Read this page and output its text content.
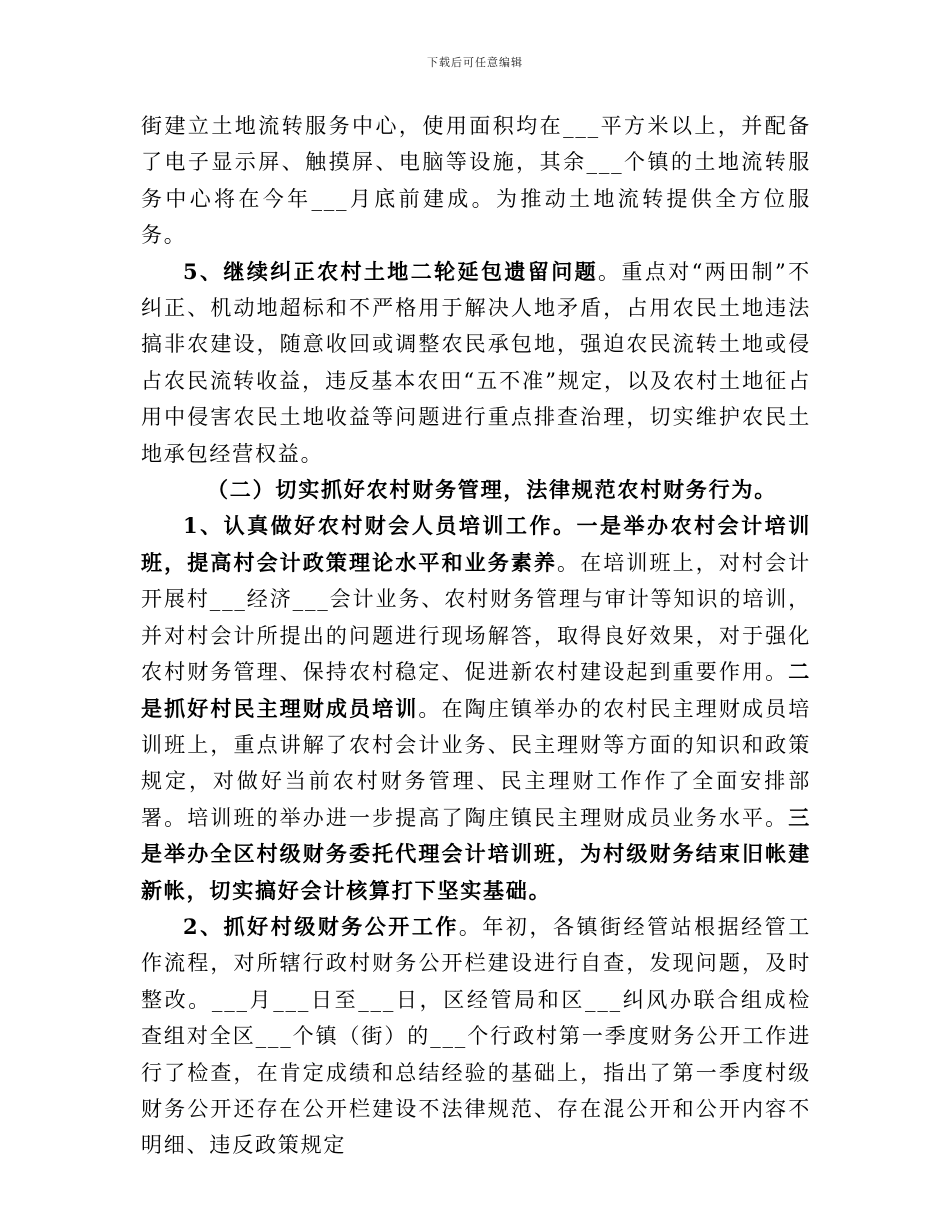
下载后可任意编辑

街建立土地流转服务中心，使用面积均在___平方米以上，并配备了电子显示屏、触摸屏、电脑等设施，其余___个镇的土地流转服务中心将在今年___月底前建成。为推动土地流转提供全方位服务。

5、继续纠正农村土地二轮延包遗留问题。重点对“两田制”不纠正、机动地超标和不严格用于解决人地矛盾，占用农民土地违法搞非农建设，随意收回或调整农民承包地，强迫农民流转土地或侵占农民流转收益，违反基本农田“五不准”规定，以及农村土地征占用中侵害农民土地收益等问题进行重点排查治理，切实维护农民土地承包经营权益。

（二）切实抓好农村财务管理，法律规范农村财务行为。

1、认真做好农村财会人员培训工作。一是举办农村会计培训班，提高村会计政策理论水平和业务素养。在培训班上，对村会计开展村___经济___会计业务、农村财务管理与审计等知识的培训，并对村会计所提出的问题进行现场解答，取得良好效果，对于强化农村财务管理、保持农村稳定、促进新农村建设起到重要作用。二是抓好村民主理财成员培训。在陶庄镇举办的农村民主理财成员培训班上，重点讲解了农村会计业务、民主理财等方面的知识和政策规定，对做好当前农村财务管理、民主理财工作作了全面安排部署。培训班的举办进一步提高了陶庄镇民主理财成员业务水平。三是举办全区村级财务委托代理会计培训班，为村级财务结束旧帐建新帐，切实搞好会计核算打下坚实基础。

2、抓好村级财务公开工作。年初，各镇街经管站根据经管工作流程，对所辖行政村财务公开栏建设进行自查，发现问题，及时整改。___月___日至___日，区经管局和区___纠风办联合组成检查组对全区___个镇（街）的___个行政村第一季度财务公开工作进行了检查，在肯定成绩和总结经验的基础上，指出了第一季度村级财务公开还存在公开栏建设不法律规范、存在混公开和公开内容不明细、违反政策规定
